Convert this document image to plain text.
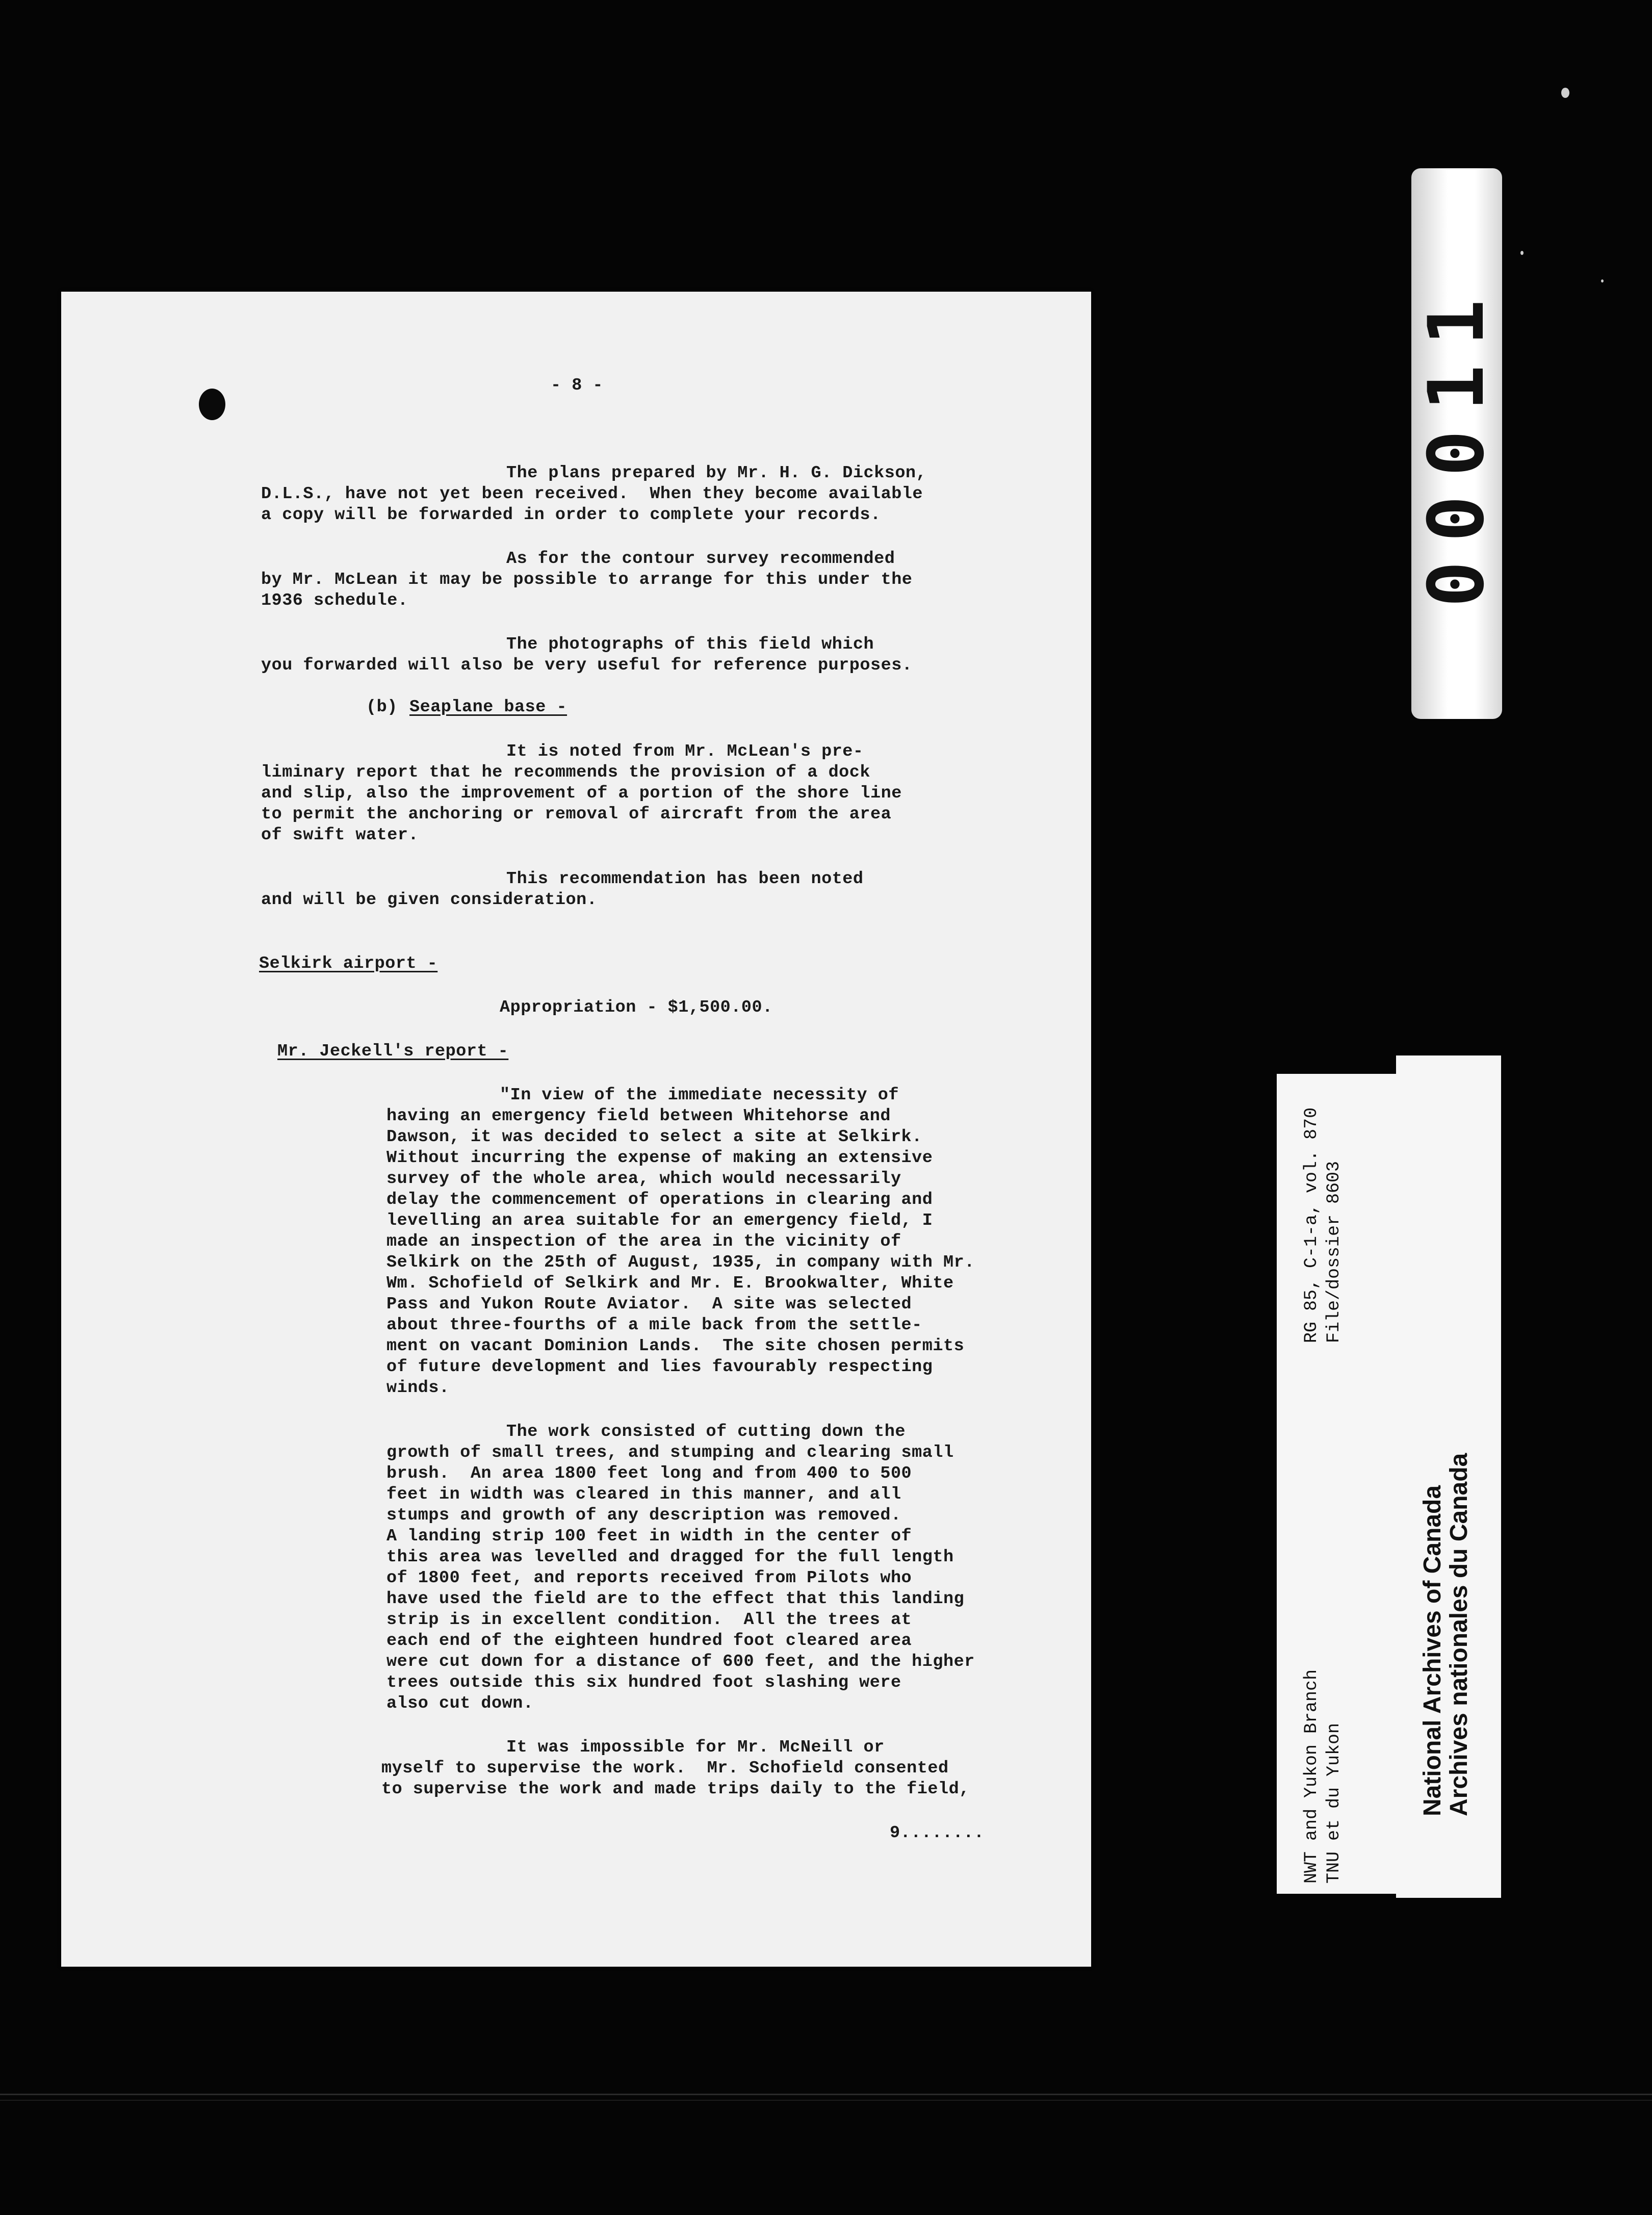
- 8 -
The plans prepared by Mr. H. G. Dickson,
D.L.S., have not yet been received.  When they become available
a copy will be forwarded in order to complete your records.
As for the contour survey recommended
by Mr. McLean it may be possible to arrange for this under the
1936 schedule.
The photographs of this field which
you forwarded will also be very useful for reference purposes.
(b) Seaplane base -
It is noted from Mr. McLean's pre-
liminary report that he recommends the provision of a dock
and slip, also the improvement of a portion of the shore line
to permit the anchoring or removal of aircraft from the area
of swift water.
This recommendation has been noted
and will be given consideration.
Selkirk airport -
Appropriation - $1,500.00.
Mr. Jeckell's report -
"In view of the immediate necessity of
having an emergency field between Whitehorse and
Dawson, it was decided to select a site at Selkirk.
Without incurring the expense of making an extensive
survey of the whole area, which would necessarily
delay the commencement of operations in clearing and
levelling an area suitable for an emergency field, I
made an inspection of the area in the vicinity of
Selkirk on the 25th of August, 1935, in company with Mr.
Wm. Schofield of Selkirk and Mr. E. Brookwalter, White
Pass and Yukon Route Aviator.  A site was selected
about three-fourths of a mile back from the settle-
ment on vacant Dominion Lands.  The site chosen permits
of future development and lies favourably respecting
winds.
The work consisted of cutting down the
growth of small trees, and stumping and clearing small
brush.  An area 1800 feet long and from 400 to 500
feet in width was cleared in this manner, and all
stumps and growth of any description was removed.
A landing strip 100 feet in width in the center of
this area was levelled and dragged for the full length
of 1800 feet, and reports received from Pilots who
have used the field are to the effect that this landing
strip is in excellent condition.  All the trees at
each end of the eighteen hundred foot cleared area
were cut down for a distance of 600 feet, and the higher
trees outside this six hundred foot slashing were
also cut down.
It was impossible for Mr. McNeill or
myself to supervise the work.  Mr. Schofield consented
to supervise the work and made trips daily to the field,
9........
00011

NWT and Yukon Branch

RG 85, C-1-a, vol. 870

TNU et du Yukon

File/dossier 8603

National Archives of Canada

Archives nationales du Canada
